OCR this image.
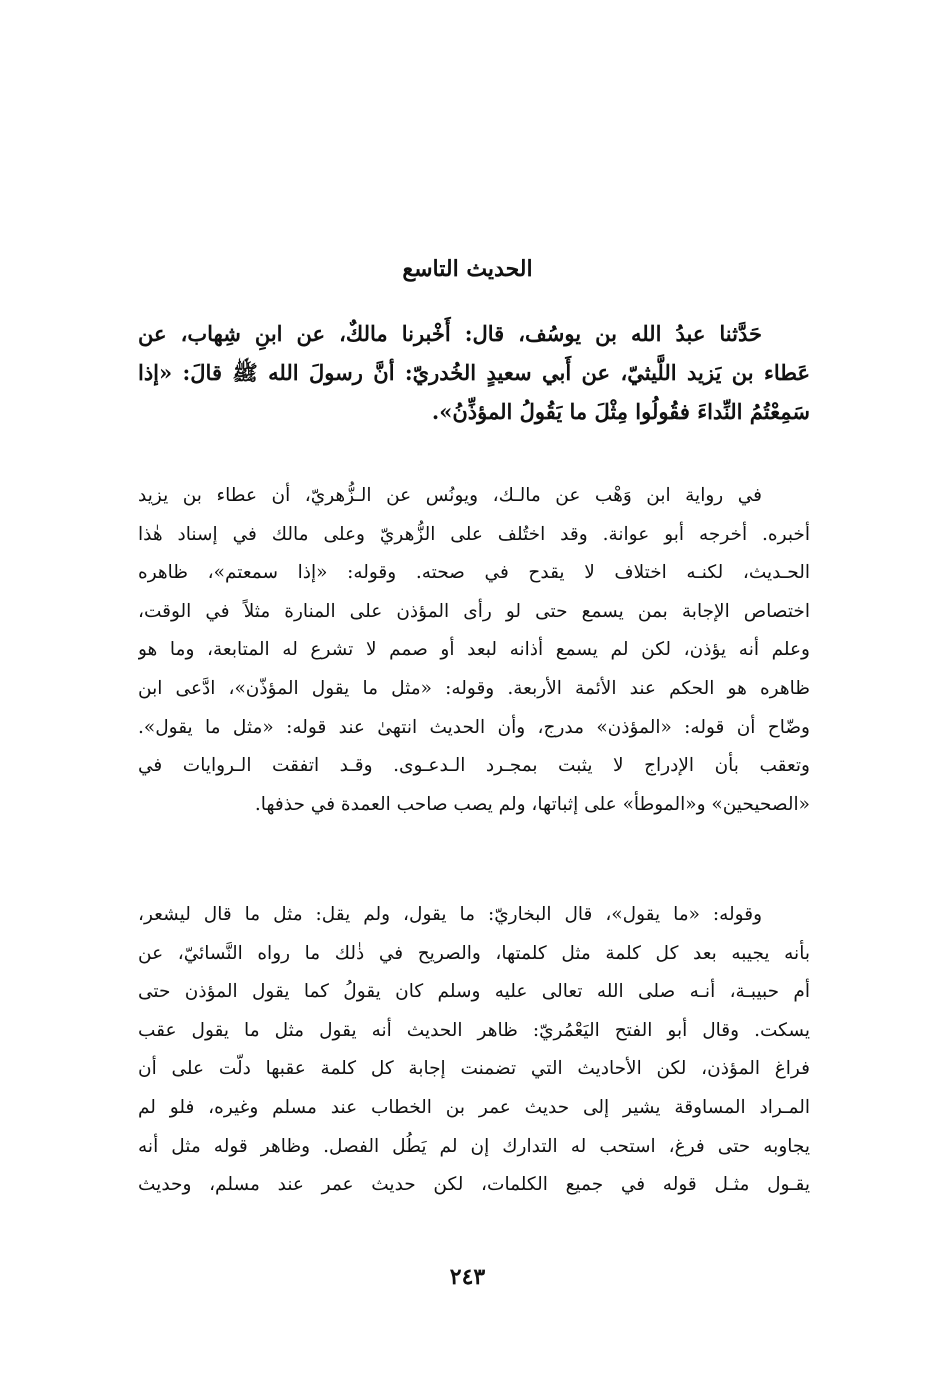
الحديث التاسع
حَدَّثنا عبدُ الله بن يوسُف، قال: أَخْبرنا مالكٌ، عن ابنِ شِهاب، عن
عَطاء بن يَزيد اللَّيثيّ، عن أَبي سعيدٍ الخُدريّ: أنَّ رسولَ الله ﷺ قالَ: «إذا
سَمِعْتُمُ النِّداءَ فقُولُوا مِثْلَ ما يَقُولُ المؤذِّنُ».
في رواية ابن وَهْب عن مالـك، ويونُس عن الـزُّهريّ، أن عطاء بن يزيد
أخبره. أخرجه أبو عوانة. وقد اختُلف على الزُّهريّ وعلى مالك في إسناد هٰذا
الحـديث، لكنـه اختلاف لا يقدح في صحته. وقوله: «إذا سمعتم»، ظاهره
اختصاص الإجابة بمن يسمع حتى لو رأى المؤذن على المنارة مثلاً في الوقت،
وعلم أنه يؤذن، لكن لم يسمع أذانه لبعد أو صمم لا تشرع له المتابعة، وما هو
ظاهره هو الحكم عند الأئمة الأربعة. وقوله: «مثل ما يقول المؤذّن»، ادَّعى ابن
وضّاح أن قوله: «المؤذن» مدرج، وأن الحديث انتهىٰ عند قوله: «مثل ما يقول».
وتعقب بأن الإدراج لا يثبت بمجـرد الـدعـوى. وقـد اتفقت الـروايات في
«الصحيحين» و«الموطأ» على إثباتها، ولم يصب صاحب العمدة في حذفها.
وقوله: «ما يقول»، قال البخاريّ: ما يقول، ولم يقل: مثل ما قال ليشعر،
بأنه يجيبه بعد كل كلمة مثل كلمتها، والصريح في ذٰلك ما رواه النَّسائيّ، عن
أم حبيبـة، أنـه صلى الله تعالى عليه وسلم كان يقولُ كما يقول المؤذن حتى
يسكت. وقال أبو الفتح اليَعْمُريّ: ظاهر الحديث أنه يقول مثل ما يقول عقب
فراغ المؤذن، لكن الأحاديث التي تضمنت إجابة كل كلمة عقبها دلّت على أن
المـراد المساوقة يشير إلى حديث عمر بن الخطاب عند مسلم وغيره، فلو لم
يجاوبه حتى فرغ، استحب له التدارك إن لم يَطُل الفصل. وظاهر قوله مثل أنه
يقـول مثـل قوله في جميع الكلمات، لكن حديث عمر عند مسلم، وحديث
٢٤٣
